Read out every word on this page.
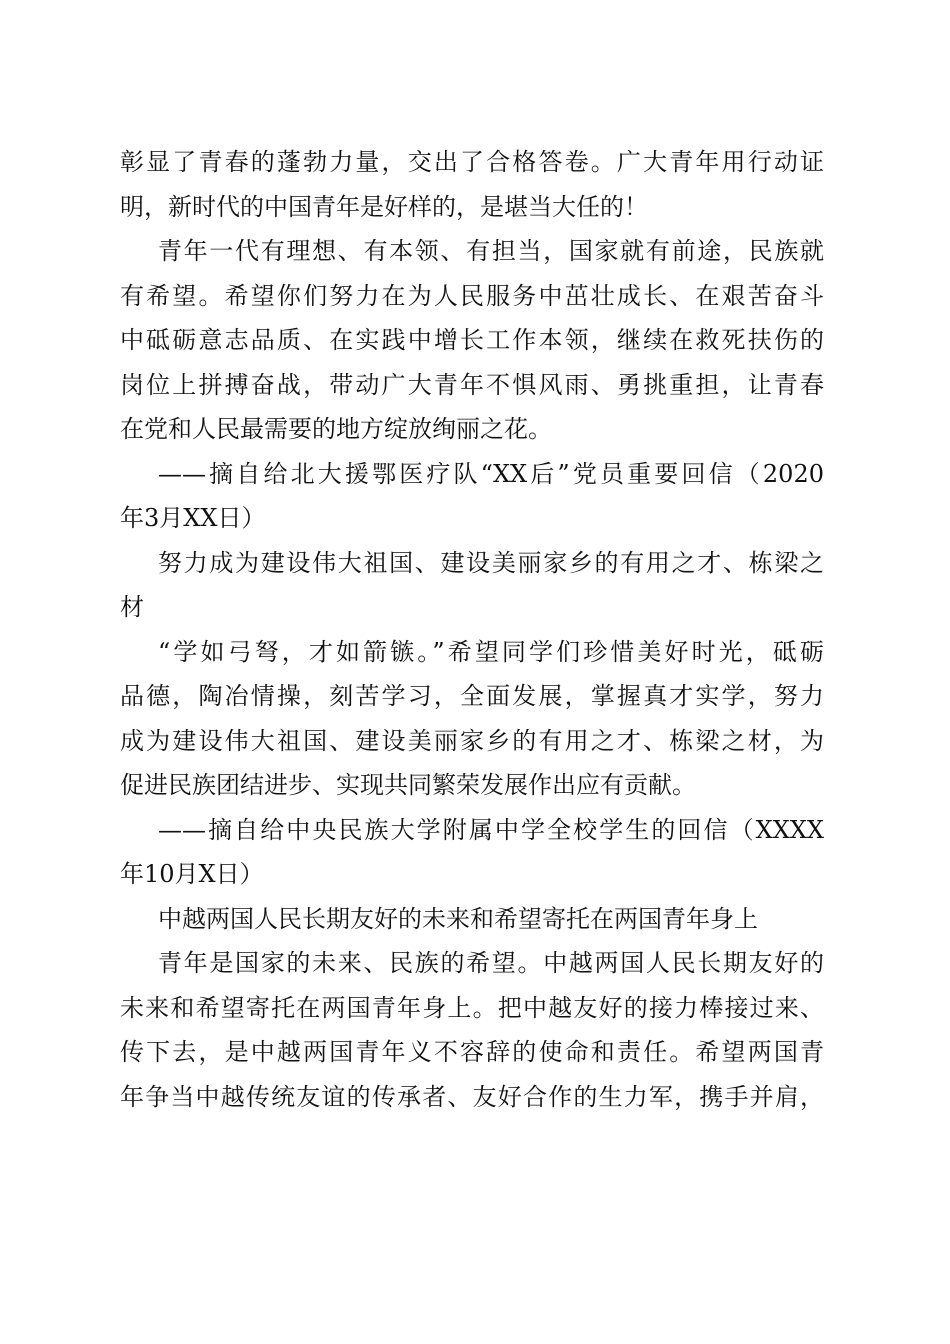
彰显了青春的蓬勃力量，交出了合格答卷。广大青年用行动证
明，新时代的中国青年是好样的，是堪当大任的！
青年一代有理想、有本领、有担当，国家就有前途，民族就
有希望。希望你们努力在为人民服务中茁壮成长、在艰苦奋斗
中砥砺意志品质、在实践中增长工作本领，继续在救死扶伤的
岗位上拼搏奋战，带动广大青年不惧风雨、勇挑重担，让青春
在党和人民最需要的地方绽放绚丽之花。
——摘自给北大援鄂医疗队“XX后”党员重要回信（2020
年3月XX日）
努力成为建设伟大祖国、建设美丽家乡的有用之才、栋梁之
材
“学如弓弩，才如箭镞。”希望同学们珍惜美好时光，砥砺
品德，陶冶情操，刻苦学习，全面发展，掌握真才实学，努力
成为建设伟大祖国、建设美丽家乡的有用之才、栋梁之材，为
促进民族团结进步、实现共同繁荣发展作出应有贡献。
——摘自给中央民族大学附属中学全校学生的回信（XXXX
年10月X日）
中越两国人民长期友好的未来和希望寄托在两国青年身上
青年是国家的未来、民族的希望。中越两国人民长期友好的
未来和希望寄托在两国青年身上。把中越友好的接力棒接过来、
传下去，是中越两国青年义不容辞的使命和责任。希望两国青
年争当中越传统友谊的传承者、友好合作的生力军，携手并肩，
